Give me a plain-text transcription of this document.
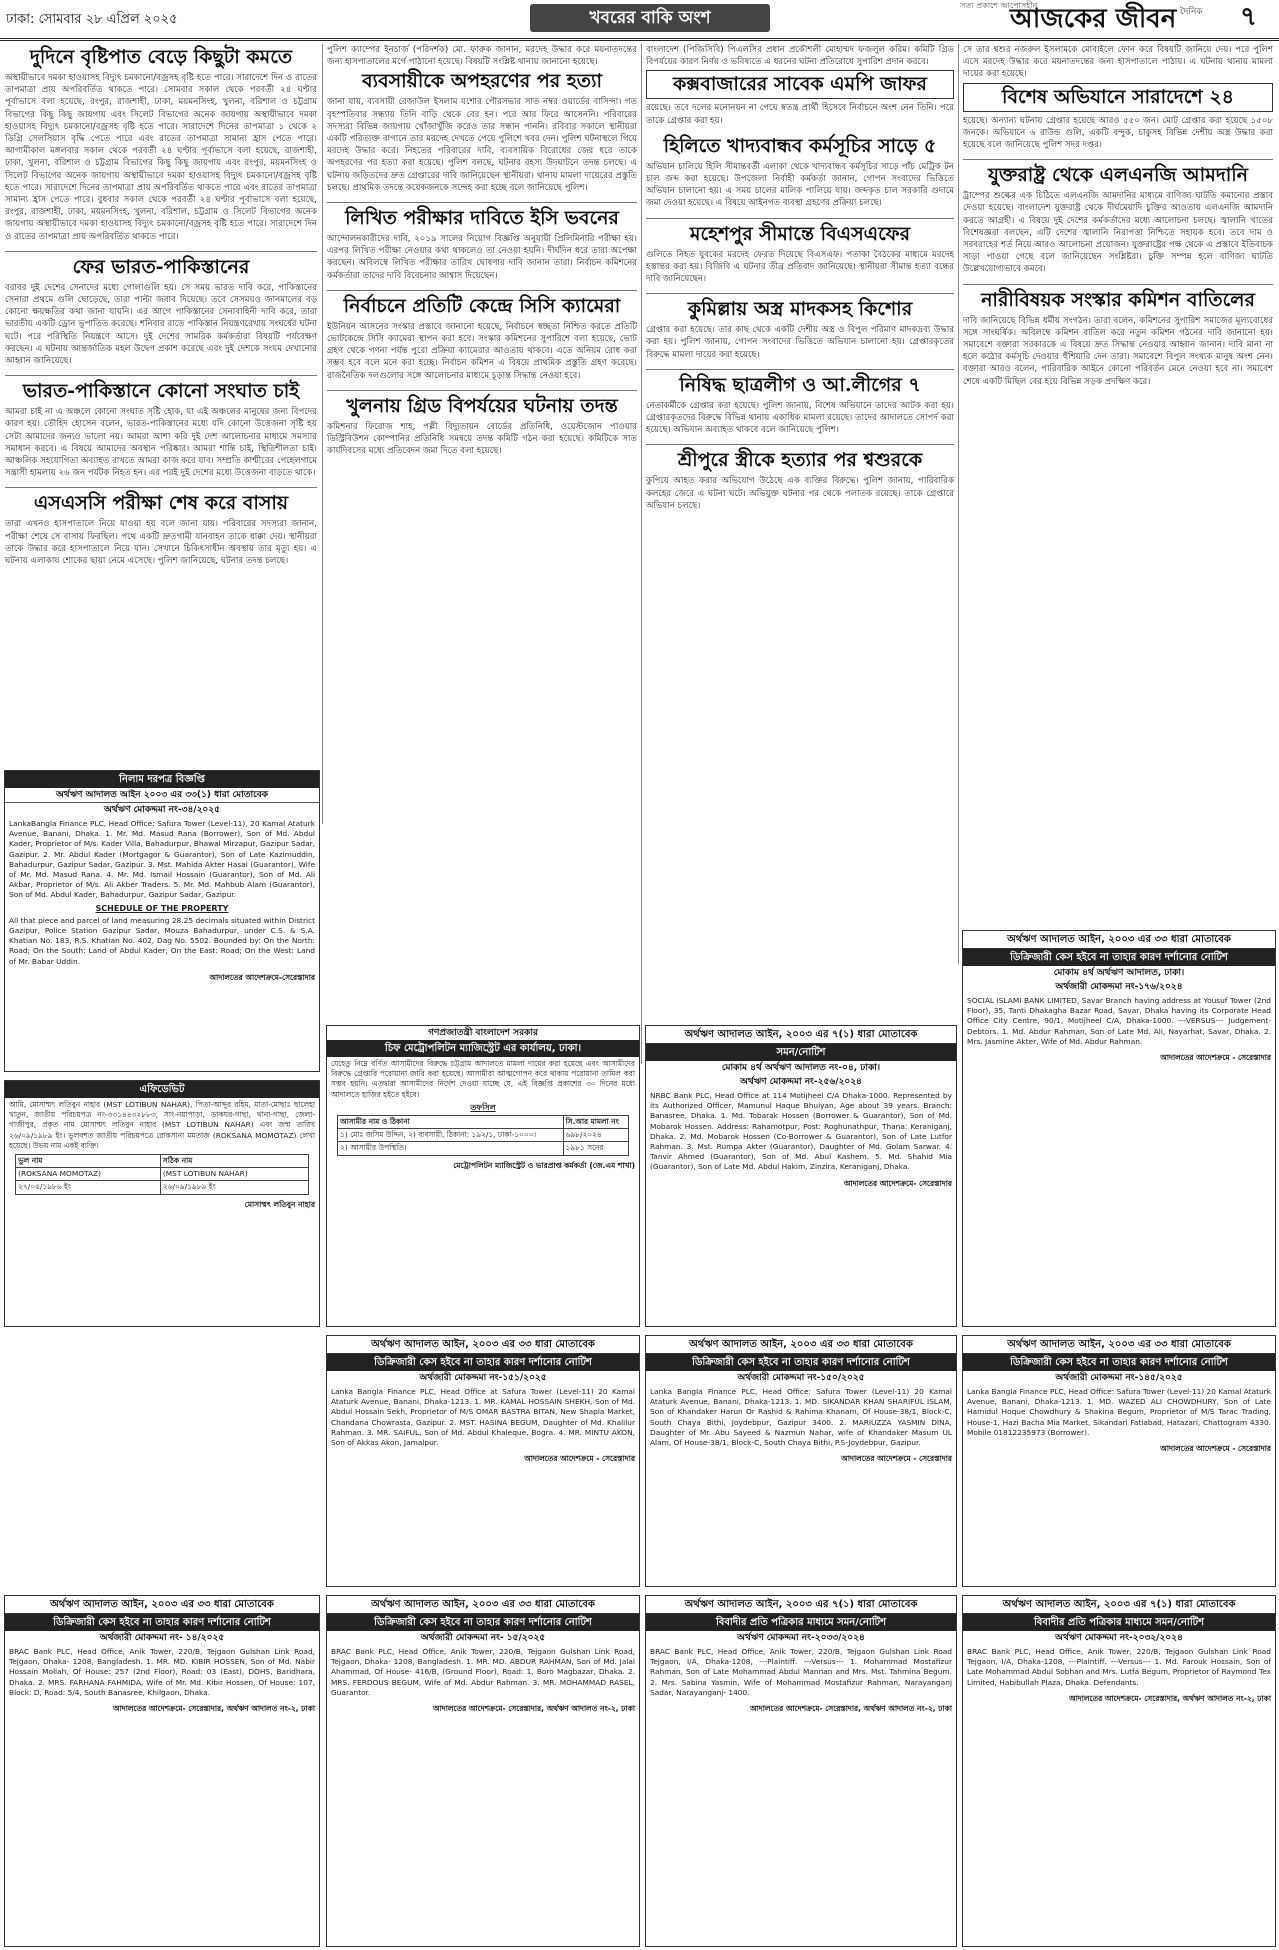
ঢাকা: সোমবার ২৮ এপ্রিল ২০২৫	খবরের বাকি অংশ
সত্য প্রকাশে আপোসহীন
আজকের জীবন দৈনিক ৭
দুদিনে বৃষ্টিপাত বেড়ে কিছুটা কমতে

অস্থায়ীভাবে দমকা হাওয়াসহ বিদ্যুৎ চমকানো/বজ্রসহ বৃষ্টি হতে পারে। সারাদেশে দিন ও রাতের তাপমাত্রা প্রায় অপরিবর্তিত থাকতে পারে। সোমবার সকাল থেকে পরবর্তী ২৪ ঘণ্টার পূর্বাভাসে বলা হয়েছে, রংপুর, রাজশাহী, ঢাকা, ময়মনসিংহ, খুলনা, বরিশাল ও চট্টগ্রাম বিভাগের কিছু কিছু জায়গায় এবং সিলেট বিভাগের অনেক জায়গায় অস্থায়ীভাবে দমকা হাওয়াসহ বিদ্যুৎ চমকানো/বজ্রসহ বৃষ্টি হতে পারে। সারাদেশে দিনের তাপমাত্রা ১ থেকে ২ ডিগ্রি সেলসিয়াস বৃদ্ধি পেতে পারে এবং রাতের তাপমাত্রা সামান্য হ্রাস পেতে পারে। আগামীকাল মঙ্গলবার সকাল থেকে পরবর্তী ২৪ ঘণ্টার পূর্বাভাসে বলা হয়েছে, রাজশাহী, ঢাকা, খুলনা, বরিশাল ও চট্টগ্রাম বিভাগের কিছু কিছু জায়গায় এবং রংপুর, ময়মনসিংহ ও সিলেট বিভাগের অনেক জায়গায় অস্থায়ীভাবে দমকা হাওয়াসহ বিদ্যুৎ চমকানো/বজ্রসহ বৃষ্টি হতে পারে। সারাদেশে দিনের তাপমাত্রা প্রায় অপরিবর্তিত থাকতে পারে এবং রাতের তাপমাত্রা সামান্য হ্রাস পেতে পারে। বুধবার সকাল থেকে পরবর্তী ২৪ ঘণ্টার পূর্বাভাসে বলা হয়েছে, রংপুর, রাজশাহী, ঢাকা, ময়মনসিংহ, খুলনা, বরিশাল, চট্টগ্রাম ও সিলেট বিভাগের অনেক জায়গায় অস্থায়ীভাবে দমকা হাওয়াসহ বিদ্যুৎ চমকানো/বজ্রসহ বৃষ্টি হতে পারে। সারাদেশে দিন ও রাতের তাপমাত্রা প্রায় অপরিবর্তিত থাকতে পারে।

ফের ভারত-পাকিস্তানের

বরাবর দুই দেশের সেনাদের মধ্যে গোলাগুলি হয়। সে সময় ভারত দাবি করে, পাকিস্তানের সেনারা প্রথমে গুলি ছোড়েছে, তারা পাল্টা জবাব দিয়েছে। তবে সেসময়ও জানমালের বড় কোনো ক্ষয়ক্ষতির কথা জানা যায়নি। এর আগে পাকিস্তানের সেনাবাহিনী দাবি করে, তারা ভারতীয় একটি ড্রোন ভূপাতিত করেছে। শনিবার রাতে পাকিস্তান নিয়ন্ত্রণরেখায় সংঘর্ষের ঘটনা ঘটে। পরে পরিস্থিতি নিয়ন্ত্রণে আসে। দুই দেশের সামরিক কর্মকর্তারা বিষয়টি পর্যবেক্ষণ করছেন। এ ঘটনায় আন্তর্জাতিক মহল উদ্বেগ প্রকাশ করেছে এবং দুই দেশকে সংযম দেখানোর আহ্বান জানিয়েছে।

ভারত-পাকিস্তানে কোনো সংঘাত চাই

আমরা চাই না এ অঞ্চলে কোনো সংঘাত সৃষ্টি হোক, যা এই অঞ্চলের মানুষের জন্য বিপদের কারণ হয়। তৌহিদ হোসেন বলেন, ভারত-পাকিস্তানের মধ্যে যদি কোনো উত্তেজনা সৃষ্টি হয় সেটা আমাদের জন্যও ভালো নয়। আমরা আশা করি দুই দেশ আলোচনার মাধ্যমে সমস্যার সমাধান করবে। এ বিষয়ে আমাদের অবস্থান পরিষ্কার। আমরা শান্তি চাই, স্থিতিশীলতা চাই। আঞ্চলিক সহযোগিতা অব্যাহত রাখতে আমরা কাজ করে যাব। সম্প্রতি কাশ্মীরের পেহেলগামে সন্ত্রাসী হামলায় ২৬ জন পর্যটক নিহত হন। এর পরই দুই দেশের মধ্যে উত্তেজনা বাড়তে থাকে।

এসএসসি পরীক্ষা শেষ করে বাসায়

তারা এখনও হাসপাতালে নিয়ে যাওয়া হয় বলে জানা যায়। পরিবারের সদস্যরা জানান, পরীক্ষা শেষে সে বাসায় ফিরছিল। পথে একটি দ্রুতগামী যানবাহন তাকে ধাক্কা দেয়। স্থানীয়রা তাকে উদ্ধার করে হাসপাতালে নিয়ে যান। সেখানে চিকিৎসাধীন অবস্থায় তার মৃত্যু হয়। এ ঘটনায় এলাকায় শোকের ছায়া নেমে এসেছে। পুলিশ জানিয়েছে, ঘটনার তদন্ত চলছে।

পুলিশ ক্যাম্পের ইনচার্জ (পরিদর্শক) মো. ফারুক জানান, মরদেহ উদ্ধার করে ময়নাতদন্তের জন্য হাসপাতালের মর্গে পাঠানো হয়েছে। বিষয়টি সংশ্লিষ্ট থানায় জানানো হয়েছে।

ব্যবসায়ীকে অপহরণের পর হত্যা

জানা যায়, ব্যবসায়ী রেজাউল ইসলাম যশোর পৌরসভার সাত নম্বর ওয়ার্ডের বাসিন্দা। গত বৃহস্পতিবার সন্ধ্যায় তিনি বাড়ি থেকে বের হন। পরে আর ফিরে আসেননি। পরিবারের সদস্যরা বিভিন্ন জায়গায় খোঁজাখুঁজি করেও তার সন্ধান পাননি। রবিবার সকালে স্থানীয়রা একটি পরিত্যক্ত বাগানে তার মরদেহ দেখতে পেয়ে পুলিশে খবর দেন। পুলিশ ঘটনাস্থলে গিয়ে মরদেহ উদ্ধার করে। নিহতের পরিবারের দাবি, ব্যবসায়িক বিরোধের জের ধরে তাকে অপহরণের পর হত্যা করা হয়েছে। পুলিশ বলছে, ঘটনার রহস্য উদঘাটনে তদন্ত চলছে। এ ঘটনায় জড়িতদের দ্রুত গ্রেপ্তারের দাবি জানিয়েছেন স্থানীয়রা। থানায় মামলা দায়েরের প্রস্তুতি চলছে। প্রাথমিক তদন্তে কয়েকজনকে সন্দেহ করা হচ্ছে বলে জানিয়েছে পুলিশ।

লিখিত পরীক্ষার দাবিতে ইসি ভবনের

আন্দোলনকারীদের দাবি, ২০১৯ সালের নিয়োগ বিজ্ঞপ্তি অনুযায়ী প্রিলিমিনারি পরীক্ষা হয়। এরপর লিখিত পরীক্ষা নেওয়ার কথা থাকলেও তা নেওয়া হয়নি। দীর্ঘদিন ধরে তারা অপেক্ষা করছেন। অবিলম্বে লিখিত পরীক্ষার তারিখ ঘোষণার দাবি জানান তারা। নির্বাচন কমিশনের কর্মকর্তারা তাদের দাবি বিবেচনার আশ্বাস দিয়েছেন।

নির্বাচনে প্রতিটি কেন্দ্রে সিসি ক্যামেরা

ইউনিয়ন আসনের সংস্কার প্রস্তাবে জানানো হয়েছে, নির্বাচনে স্বচ্ছতা নিশ্চিত করতে প্রতিটি ভোটকেন্দ্রে সিসি ক্যামেরা স্থাপন করা হবে। সংস্কার কমিশনের সুপারিশে বলা হয়েছে, ভোট গ্রহণ থেকে গণনা পর্যন্ত পুরো প্রক্রিয়া ক্যামেরার আওতায় থাকবে। এতে অনিয়ম রোধ করা সম্ভব হবে বলে মনে করা হচ্ছে। নির্বাচন কমিশন এ বিষয়ে প্রাথমিক প্রস্তুতি গ্রহণ করেছে। রাজনৈতিক দলগুলোর সঙ্গে আলোচনার মাধ্যমে চূড়ান্ত সিদ্ধান্ত নেওয়া হবে।

খুলনায় গ্রিড বিপর্যয়ের ঘটনায় তদন্ত

কমিশনার ফিরোজ শাহ, পল্লী বিদ্যুতায়ন বোর্ডের প্রতিনিধি, ওয়েস্টজোন পাওয়ার ডিস্ট্রিবিউশন কোম্পানির প্রতিনিধি সমন্বয়ে তদন্ত কমিটি গঠন করা হয়েছে। কমিটিকে সাত কার্যদিবসের মধ্যে প্রতিবেদন জমা দিতে বলা হয়েছে।

বাংলাদেশ (পিজিসিবি) পিএলসির প্রধান প্রকৌশলী মোহাম্মদ ফজলুল করিম। কমিটি গ্রিড বিপর্যয়ের কারণ নির্ণয় ও ভবিষ্যতে এ ধরনের ঘটনা প্রতিরোধে সুপারিশ প্রদান করবে।

কক্সবাজারের সাবেক এমপি জাফর

রয়েছে। তবে দলের মনোনয়ন না পেয়ে স্বতন্ত্র প্রার্থী হিসেবে নির্বাচনে অংশ নেন তিনি। পরে তাকে গ্রেপ্তার করা হয়।

হিলিতে খাদ্যবান্ধব কর্মসূচির সাড়ে ৫

অভিযান চালিয়ে হিলি সীমান্তবর্তী এলাকা থেকে খাদ্যবান্ধব কর্মসূচির সাড়ে পাঁচ মেট্রিক টন চাল জব্দ করা হয়েছে। উপজেলা নির্বাহী কর্মকর্তা জানান, গোপন সংবাদের ভিত্তিতে অভিযান চালানো হয়। এ সময় চালের মালিক পালিয়ে যায়। জব্দকৃত চাল সরকারি গুদামে জমা দেওয়া হয়েছে। এ বিষয়ে আইনগত ব্যবস্থা গ্রহণের প্রক্রিয়া চলছে।

মহেশপুর সীমান্তে বিএসএফের

গুলিতে নিহত যুবকের মরদেহ ফেরত দিয়েছে বিএসএফ। পতাকা বৈঠকের মাধ্যমে মরদেহ হস্তান্তর করা হয়। বিজিবি এ ঘটনার তীব্র প্রতিবাদ জানিয়েছে। স্থানীয়রা সীমান্ত হত্যা বন্ধের দাবি জানিয়েছেন।

কুমিল্লায় অস্ত্র মাদকসহ কিশোর

গ্রেপ্তার করা হয়েছে। তার কাছ থেকে একটি দেশীয় অস্ত্র ও বিপুল পরিমাণ মাদকদ্রব্য উদ্ধার করা হয়। পুলিশ জানায়, গোপন সংবাদের ভিত্তিতে অভিযান চালানো হয়। গ্রেপ্তারকৃতের বিরুদ্ধে মামলা দায়ের করা হয়েছে।

নিষিদ্ধ ছাত্রলীগ ও আ.লীগের ৭

নেতাকর্মীকে গ্রেপ্তার করা হয়েছে। পুলিশ জানায়, বিশেষ অভিযানে তাদের আটক করা হয়। গ্রেপ্তারকৃতদের বিরুদ্ধে বিভিন্ন থানায় একাধিক মামলা রয়েছে। তাদের আদালতে সোপর্দ করা হয়েছে। অভিযান অব্যাহত থাকবে বলে জানিয়েছে পুলিশ।

শ্রীপুরে স্ত্রীকে হত্যার পর শ্বশুরকে

কুপিয়ে আহত করার অভিযোগ উঠেছে এক ব্যক্তির বিরুদ্ধে। পুলিশ জানায়, পারিবারিক কলহের জেরে এ ঘটনা ঘটে। অভিযুক্ত ঘটনার পর থেকে পলাতক রয়েছে। তাকে গ্রেপ্তারে অভিযান চলছে।

সে তার শ্বশুর নজরুল ইসলামকে মোবাইলে ফোন করে বিষয়টি জানিয়ে দেয়। পরে পুলিশ এসে মরদেহ উদ্ধার করে ময়নাতদন্তের জন্য হাসপাতালে পাঠায়। এ ঘটনায় থানায় মামলা দায়ের করা হয়েছে।

বিশেষ অভিযানে সারাদেশে ২৪

হয়েছে। অন্যান্য ঘটনায় গ্রেপ্তার হয়েছে আরও ৫৫০ জন। মোট গ্রেপ্তার করা হয়েছে ১৫০৮ জনকে। অভিযানে ৬ রাউন্ড গুলি, একটি বন্দুক, চাকুসহ বিভিন্ন দেশীয় অস্ত্র উদ্ধার করা হয়েছে বলে জানিয়েছে পুলিশ সদর দপ্তর।

যুক্তরাষ্ট্র থেকে এলএনজি আমদানি

ট্রাম্পের শুল্কের এক চিঠিতে এলএনজি আমদানির মাধ্যমে বাণিজ্য ঘাটতি কমানোর প্রস্তাব দেওয়া হয়েছে। বাংলাদেশ যুক্তরাষ্ট্র থেকে দীর্ঘমেয়াদি চুক্তির আওতায় এলএনজি আমদানি করতে আগ্রহী। এ বিষয়ে দুই দেশের কর্মকর্তাদের মধ্যে আলোচনা চলছে। জ্বালানি খাতের বিশেষজ্ঞরা বলছেন, এটি দেশের জ্বালানি নিরাপত্তা নিশ্চিতে সহায়ক হবে। তবে দাম ও সরবরাহের শর্ত নিয়ে আরও আলোচনা প্রয়োজন। যুক্তরাষ্ট্রের পক্ষ থেকে এ প্রস্তাবে ইতিবাচক সাড়া পাওয়া গেছে বলে জানিয়েছেন সংশ্লিষ্টরা। চুক্তি সম্পন্ন হলে বাণিজ্য ঘাটতি উল্লেখযোগ্যভাবে কমবে।

নারীবিষয়ক সংস্কার কমিশন বাতিলের

দাবি জানিয়েছে বিভিন্ন ধর্মীয় সংগঠন। তারা বলেন, কমিশনের সুপারিশ সমাজের মূল্যবোধের সঙ্গে সাংঘর্ষিক। অবিলম্বে কমিশন বাতিল করে নতুন কমিশন গঠনের দাবি জানানো হয়। সমাবেশে বক্তারা সরকারকে এ বিষয়ে দ্রুত সিদ্ধান্ত নেওয়ার আহ্বান জানান। দাবি মানা না হলে কঠোর কর্মসূচি দেওয়ার হুঁশিয়ারি দেন তারা। সমাবেশে বিপুল সংখ্যক মানুষ অংশ নেন। বক্তারা আরও বলেন, পারিবারিক আইনে কোনো পরিবর্তন মেনে নেওয়া হবে না। সমাবেশ শেষে একটি মিছিল বের হয়ে বিভিন্ন সড়ক প্রদক্ষিণ করে।

নিলাম দরপত্র বিজ্ঞপ্তি
অর্থঋণ আদালত আইন ২০০৩ এর ৩৩(১) ধারা মোতাবেক
অর্থঋণ মোকদ্দমা নং-৩৪/২০২৫

LankaBangla Finance PLC, Head Office: Safura Tower (Level-11), 20 Kamal Ataturk Avenue, Banani, Dhaka. 1. Mr. Md. Masud Rana (Borrower), Son of Md. Abdul Kader, Proprietor of M/s. Kader Villa, Bahadurpur, Bhawal Mirzapur, Gazipur Sadar, Gazipur. 2. Mr. Abdul Kader (Mortgagor & Guarantor), Son of Late Kazimuddin, Bahadurpur, Gazipur Sadar, Gazipur. 3. Mst. Mahida Akter Hasai (Guarantor), Wife of Mr. Md. Masud Rana. 4. Mr. Md. Ismail Hossain (Guarantor), Son of Md. Ali Akbar, Proprietor of M/s. Ali Akber Traders. 5. Mr. Md. Mahbub Alam (Guarantor), Son of Md. Abdul Kader, Bahadurpur, Gazipur Sadar, Gazipur.

SCHEDULE OF THE PROPERTY

All that piece and parcel of land measuring 28.25 decimals situated within District Gazipur, Police Station Gazipur Sadar, Mouza Bahadurpur, under C.S. & S.A. Khatian No. 183, R.S. Khatian No. 402, Dag No. 5502. Bounded by: On the North: Road; On the South: Land of Abdul Kader; On the East: Road; On the West: Land of Mr. Babar Uddin.

আদালতের আদেশক্রমে-সেরেস্তাদার
গণপ্রজাতন্ত্রী বাংলাদেশ সরকার
চিফ মেট্রোপলিটন ম্যাজিস্ট্রেট এর কার্যালয়, ঢাকা।

যেহেতু নিম্নে বর্ণিত আসামীদের বিরুদ্ধে চট্টগ্রাম আদালতে মামলা দায়ের করা হয়েছে এবং আসামীদের বিরুদ্ধে গ্রেপ্তারি পরোয়ানা জারি করা হয়েছে। আসামীরা আত্মগোপন করে থাকায় পরোয়ানা তামিল করা সম্ভব হয়নি। এতদ্বারা আসামীদের নির্দেশ দেওয়া যাচ্ছে যে, এই বিজ্ঞপ্তি প্রকাশের ৩০ দিনের মধ্যে আদালতে হাজির হইতে হইবে।

তফসিল
আসামীর নাম ও ঠিকানা	সি.আর মামলা নং
১) মোঃ জসিম উদ্দিন, ২) ব্যবসায়ী, ঠিকানা: ১৯২/১, ঢাকা-১০০০।	৬৯৮/২০২৪
২) আসামীর উপস্থিতি।	১৯৮১ সনের
মেট্রোপলিটন ম্যাজিস্ট্রেট ও ভারপ্রাপ্ত কর্মকর্তা (জে.এম শাখা)
অর্থঋণ আদালত আইন, ২০০৩ এর ৭(১) ধারা মোতাবেক
সমন/নোটিশ
মোকাম ৪র্থ অর্থঋণ আদালত নং-০৪, ঢাকা।
অর্থঋণ মোকদ্দমা নং-২৫৬/২০২৪

NRBC Bank PLC, Head Office at 114 Motijheel C/A Dhaka-1000. Represented by its Authorized Officer, Mamunul Haque Bhuiyan, Age about 39 years. Branch: Banasree, Dhaka. 1. Md. Tobarak Hossen (Borrower & Guarantor), Son of Md. Mobarok Hossen. Address: Rahamotpur, Post: Roghunathpur, Thana: Keraniganj, Dhaka. 2. Md. Mobarok Hossen (Co-Borrower & Guarantor), Son of Late Lutfor Rahman. 3. Mst. Rumpa Akter (Guarantor), Daughter of Md. Golam Sarwar. 4. Tanvir Ahmed (Guarantor), Son of Md. Abul Kashem. 5. Md. Shahid Mia (Guarantor), Son of Late Md. Abdul Hakim, Zinzira, Keraniganj, Dhaka.

আদালতের আদেশক্রমে- সেরেস্তাদার
অর্থঋণ আদালত আইন, ২০০৩ এর ৩৩ ধারা মোতাবেক
ডিক্রিজারী কেস হইবে না তাহার কারণ দর্শানোর নোটিশ
মোকাম ৪র্থ অর্থঋণ আদালত, ঢাকা।
অর্থজারী মোকদ্দমা নং-১৭৬/২০২৪

SOCIAL ISLAMI BANK LIMITED, Savar Branch having address at Yousuf Tower (2nd Floor), 35, Tanti Dhakagha Bazar Road, Savar, Dhaka having its Corporate Head Office City Centre, 90/1, Motijheel C/A, Dhaka-1000. ---VERSUS--- Judgement-Debtors. 1. Md. Abdur Rahman, Son of Late Md. Ali, Nayarhat, Savar, Dhaka. 2. Mrs. Jasmine Akter, Wife of Md. Abdur Rahman.

আদালতের আদেশক্রমে - সেরেস্তাদার
এফিডেভিট

আমি, মোসাম্মৎ লতিবুন নাহার (MST LOTIBUN NAHAR), পিতা-আব্দুর রহিম, মাতা-মোছাঃ ছালেহা খাতুন, জাতীয় পরিচয়পত্র নং-৩৩১৪৪৩২৮৮৩, সাং-নয়াপাড়া, ডাকঘর-গাছা, থানা-গাছা, জেলা-গাজীপুর, প্রকৃত নাম মোসাম্মৎ লতিবুন নাহার (MST LOTIBUN NAHAR) এবং জন্ম তারিখ ২৬/০৯/১৯৮৯ ইং। ভুলবশত জাতীয় পরিচয়পত্রে রোকসানা মমতাজ (ROKSANA MOMOTAZ) লেখা হয়েছে। উভয় নাম একই ব্যক্তি।

ভুল নাম	সঠিক নাম
(ROKSANA MOMOTAZ)	(MST LOTIBUN NAHAR)
২৭/০৫/১৯৮৬ ইং	২৬/০৯/১৯৮৯ ইং
মোসাম্মৎ লতিবুন নাহার
অর্থঋণ আদালত আইন, ২০০৩ এর ৩৩ ধারা মোতাবেক
ডিক্রিজারী কেস হইবে না তাহার কারণ দর্শানোর নোটিশ
অর্থজারী মোকদ্দমা নং-১৫১/২০২৫

Lanka Bangla Finance PLC, Head Office at Safura Tower (Level-11) 20 Kamal Ataturk Avenue, Banani, Dhaka-1213. 1. MR. KAMAL HOSSAIN SHEKH, Son of Md. Abdul Hossain Sekh, Proprietor of M/S OMAR BASTRA BITAN, New Shapla Market, Chandana Chowrasta, Gazipur. 2. MST. HASINA BEGUM, Daughter of Md. Khalilur Rahman. 3. MR. SAIFUL, Son of Md. Abdul Khaleque, Bogra. 4. MR. MINTU AKON, Son of Akkas Akon, Jamalpur.

আদালতের আদেশক্রমে - সেরেস্তাদার
অর্থঋণ আদালত আইন, ২০০৩ এর ৩৩ ধারা মোতাবেক
ডিক্রিজারী কেস হইবে না তাহার কারণ দর্শানোর নোটিশ
অর্থজারী মোকদ্দমা নং-১৫০/২০২৫

Lanka Bangla Finance PLC, Head Office: Safura Tower (Level-11) 20 Kamal Ataturk Avenue, Banani, Dhaka-1213. 1. MD. SIKANDAR KHAN SHARIFUL ISLAM, Son of Khandaker Harun Or Rashid & Rahima Khanam, Of House-38/1, Block-C, South Chaya Bithi, Joydebpur, Gazipur 3400. 2. MARIUZZA YASMIN DINA, Daughter of Mr. Abu Sayeed & Nazmun Nahar, wife of Khandaker Masum UL Alam, Of House-38/1, Block-C, South Chaya Bithi, P.S-Joydebpur, Gazipur.

আদালতের আদেশক্রমে - সেরেস্তাদার
অর্থঋণ আদালত আইন, ২০০৩ এর ৩৩ ধারা মোতাবেক
ডিক্রিজারী কেস হইবে না তাহার কারণ দর্শানোর নোটিশ
অর্থজারী মোকদ্দমা নং-১৪৫/২০২৫

Lanka Bangla Finance PLC, Head Office: Safura Tower (Level-11) 20 Kamal Ataturk Avenue, Banani, Dhaka-1213. 1. MD. WAZED ALI CHOWDHURY, Son of Late Hamidul Hoque Chowdhury & Shakina Begum, Proprietor of M/S Tarac Trading, House-1, Hazi Bacha Mia Market, Sikandari Fatiabad, Hatazari, Chattogram 4330. Mobile 01812235973 (Borrower).

আদালতের আদেশক্রমে - সেরেস্তাদার
অর্থঋণ আদালত আইন, ২০০৩ এর ৩৩ ধারা মোতাবেক
ডিক্রিজারী কেস হইবে না তাহার কারণ দর্শানোর নোটিশ
অর্থজারী মোকদ্দমা নং- ১৪/২০২৫

BRAC Bank PLC, Head Office, Anik Tower, 220/B, Tejgaon Gulshan Link Road, Tejgaon, Dhaka- 1208, Bangladesh. 1. MR. MD. KIBIR HOSSEN, Son of Md. Nabir Hossain Mollah, Of House: 257 (2nd Floor), Road: 03 (East), DOHS, Baridhara, Dhaka. 2. MRS. FARHANA FAHMIDA, Wife of Mr. Md. Kibir Hossen, Of House: 107, Block: D, Road: 5/4, South Banasree, Khilgaon, Dhaka.

আদালতের আদেশক্রমে- সেরেস্তাদার, অর্থঋণ আদালত নং-২, ঢাকা
অর্থঋণ আদালত আইন, ২০০৩ এর ৩৩ ধারা মোতাবেক
ডিক্রিজারী কেস হইবে না তাহার কারণ দর্শানোর নোটিশ
অর্থজারী মোকদ্দমা নং- ১৫/২০২৫

BRAC Bank PLC, Head Office, Anik Tower, 220/B, Tejgaon Gulshan Link Road, Tejgaon, Dhaka- 1208, Bangladesh. 1. MR. MD. ABDUR RAHMAN, Son of Md. Jalal Ahammad, Of House- 416/B, (Ground Floor), Road: 1, Boro Magbazar, Dhaka. 2. MRS. FERDOUS BEGUM, Wife of Md. Abdur Rahman. 3. MR. MOHAMMAD RASEL, Guarantor.

আদালতের আদেশক্রমে- সেরেস্তাদার, অর্থঋণ আদালত নং-২, ঢাকা
অর্থঋণ আদালত আইন, ২০০৩ এর ৭(১) ধারা মোতাবেক
বিবাদীর প্রতি পত্রিকার মাধ্যমে সমন/নোটিশ
অর্থঋণ মোকদ্দমা নং-২০৩৩/২০২৪

BRAC Bank PLC, Head Office, Anik Tower, 220/B, Tejgaon Gulshan Link Road Tejgaon, I/A, Dhaka-1208, ---Plaintiff. ---Versus--- 1. Mohammad Mostafizur Rahman, Son of Late Mohammad Abdul Mannan and Mrs. Mst. Tahmina Begum. 2. Mrs. Sabina Yasmin, Wife of Mohammad Mostafizur Rahman, Narayanganj Sadar, Narayanganj- 1400.

আদালতের আদেশক্রমে- সেরেস্তাদার, অর্থঋণ আদালত নং-২, ঢাকা
অর্থঋণ আদালত আইন, ২০০৩ এর ৭(১) ধারা মোতাবেক
বিবাদীর প্রতি পত্রিকার মাধ্যমে সমন/নোটিশ
অর্থঋণ মোকদ্দমা নং-২০৩২/২০২৪

BRAC Bank PLC, Head Office, Anik Tower, 220/B, Tejgaon Gulshan Link Road Tejgaon, I/A, Dhaka-1208, ---Plaintiff. ---Versus--- 1. Md. Farouk Hossain, Son of Late Mohammad Abdul Sobhan and Mrs. Lutfa Begum, Proprietor of Raymond Tex Limited, Habibullah Plaza, Dhaka. Defendants.

আদালতের আদেশক্রমে- সেরেস্তাদার, অর্থঋণ আদালত নং-২, ঢাকা
